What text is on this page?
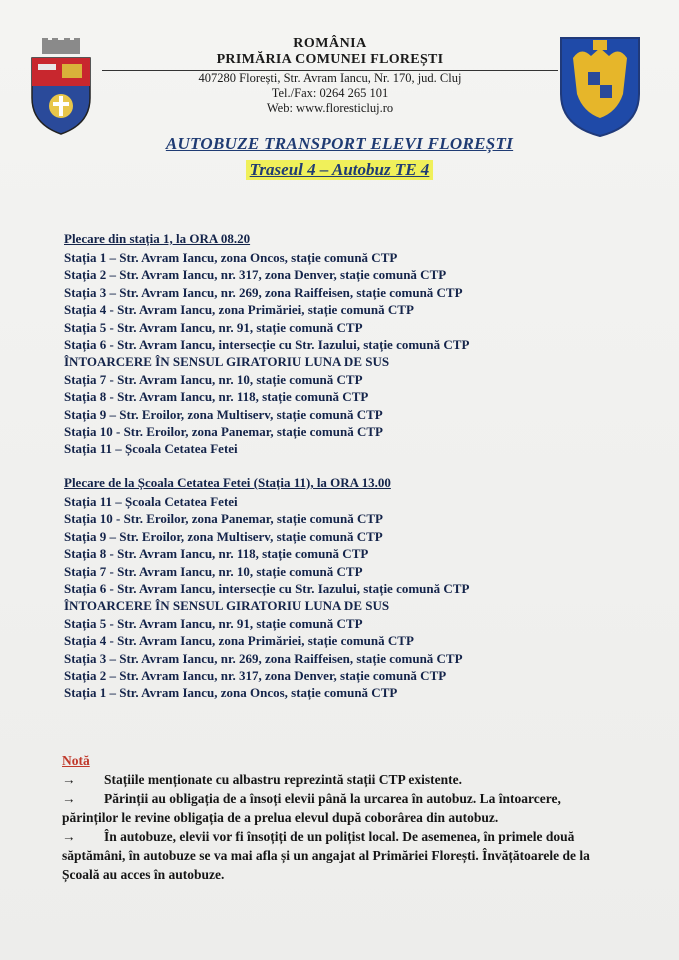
ROMÂNIA
PRIMĂRIA COMUNEI FLOREȘTI
407280 Florești, Str. Avram Iancu, Nr. 170, jud. Cluj
Tel./Fax: 0264 265 101
Web: www.floresticluj.ro
AUTOBUZE TRANSPORT ELEVI FLOREȘTI
Traseul 4 – Autobuz TE 4
Plecare din stația 1, la ORA 08.20
Stația 1 – Str. Avram Iancu, zona Oncos, stație comună CTP
Stația 2 – Str. Avram Iancu, nr. 317, zona Denver, stație comună CTP
Stația 3 – Str. Avram Iancu, nr. 269, zona Raiffeisen, stație comună CTP
Stația 4 - Str. Avram Iancu, zona Primăriei, stație comună CTP
Stația 5 - Str. Avram Iancu, nr. 91, stație comună CTP
Stația 6 - Str. Avram Iancu, intersecție cu Str. Iazului, stație comună CTP
ÎNTOARCERE ÎN SENSUL GIRATORIU LUNA DE SUS
Stația 7 - Str. Avram Iancu, nr. 10, stație comună CTP
Stația 8 - Str. Avram Iancu, nr. 118, stație comună CTP
Stația 9 – Str. Eroilor, zona Multiserv, stație comună CTP
Stația 10 - Str. Eroilor, zona Panemar, stație comună CTP
Stația 11 – Școala Cetatea Fetei
Plecare de la Școala Cetatea Fetei (Stația 11), la ORA 13.00
Stația 11 – Școala Cetatea Fetei
Stația 10 - Str. Eroilor, zona Panemar, stație comună CTP
Stația 9 – Str. Eroilor, zona Multiserv, stație comună CTP
Stația 8 - Str. Avram Iancu, nr. 118, stație comună CTP
Stația 7 - Str. Avram Iancu, nr. 10, stație comună CTP
Stația 6 - Str. Avram Iancu, intersecție cu Str. Iazului, stație comună CTP
ÎNTOARCERE ÎN SENSUL GIRATORIU LUNA DE SUS
Stația 5 - Str. Avram Iancu, nr. 91, stație comună CTP
Stația 4 - Str. Avram Iancu, zona Primăriei, stație comună CTP
Stația 3 – Str. Avram Iancu, nr. 269, zona Raiffeisen, stație comună CTP
Stația 2 – Str. Avram Iancu, nr. 317, zona Denver, stație comună CTP
Stația 1 – Str. Avram Iancu, zona Oncos, stație comună CTP
Notă
→	Stațiile menționate cu albastru reprezintă stații CTP existente.
→	Părinții au obligația de a însoți elevii până la urcarea în autobuz. La întoarcere, părinților le revine obligația de a prelua elevul după coborârea din autobuz.
→	În autobuze, elevii vor fi însoțiți de un polițist local. De asemenea, în primele două săptămâni, în autobuze se va mai afla și un angajat al Primăriei Florești. Învățătoarele de la Școală au acces în autobuze.
